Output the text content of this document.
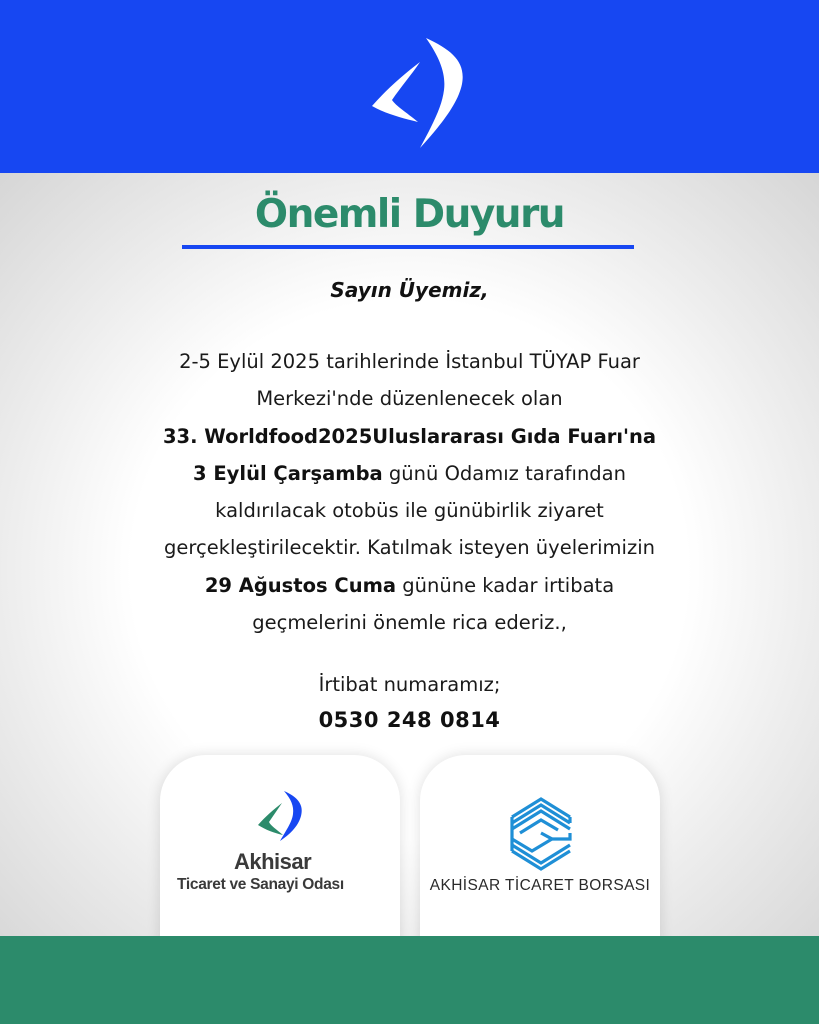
Önemli Duyuru
Sayın Üyemiz,
2-5 Eylül 2025 tarihlerinde İstanbul TÜYAP Fuar
Merkezi'nde düzenlenecek olan
33. Worldfood2025Uluslararası Gıda Fuarı'na
3 Eylül Çarşamba günü Odamız tarafından
kaldırılacak otobüs ile günübirlik ziyaret
gerçekleştirilecektir. Katılmak isteyen üyelerimizin
29 Ağustos Cuma gününe kadar irtibata
geçmelerini önemle rica ederiz.,
İrtibat numaramız;
0530 248 0814
Akhisar
Ticaret ve Sanayi Odası	AKHİSAR TİCARET BORSASI
